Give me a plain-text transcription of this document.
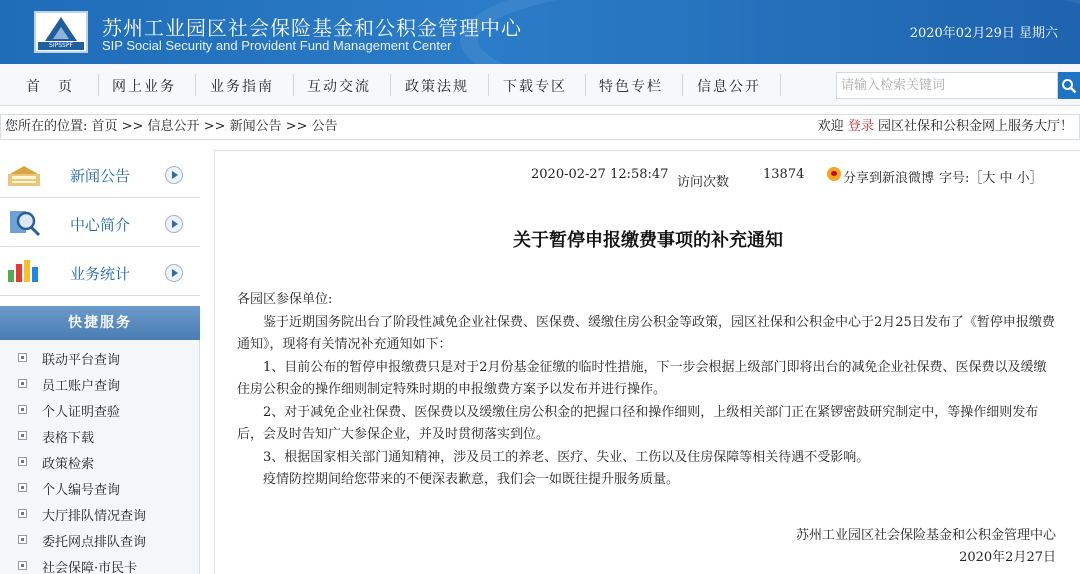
SIPSSPF
苏州工业园区社会保险基金和公积金管理中心
SIP Social Security and Provident Fund Management Center
2020年02月29日 星期六
首　页	网上业务 业务指南 互动交流 政策法规 下载专区 特色专栏 信息公开	请输入检索关键词
您所在的位置: 首页 >> 信息公开 >> 新闻公告 >> 公告	欢迎 登录 园区社保和公积金网上服务大厅！
新闻公告
中心简介
业务统计
快捷服务
联动平台查询
员工账户查询
个人证明查验
表格下载
政策检索
个人编号查询
大厅排队情况查询
委托网点排队查询
社会保障·市民卡
2020-02-27 12:58:47
访问次数
13874	分享到新浪微博 字号:［大 中 小］
关于暂停申报缴费事项的补充通知

各园区参保单位:

鉴于近期国务院出台了阶段性减免企业社保费、医保费、缓缴住房公积金等政策，园区社保和公积金中心于2月25日发布了《暂停申报缴费通知》，现将有关情况补充通知如下：

1、目前公布的暂停申报缴费只是对于2月份基金征缴的临时性措施，下一步会根据上级部门即将出台的减免企业社保费、医保费以及缓缴住房公积金的操作细则制定特殊时期的申报缴费方案予以发布并进行操作。

2、对于减免企业社保费、医保费以及缓缴住房公积金的把握口径和操作细则，上级相关部门正在紧锣密鼓研究制定中，等操作细则发布后，会及时告知广大参保企业，并及时贯彻落实到位。

3、根据国家相关部门通知精神，涉及员工的养老、医疗、失业、工伤以及住房保障等相关待遇不受影响。

疫情防控期间给您带来的不便深表歉意，我们会一如既往提升服务质量。

苏州工业园区社会保险基金和公积金管理中心
2020年2月27日
